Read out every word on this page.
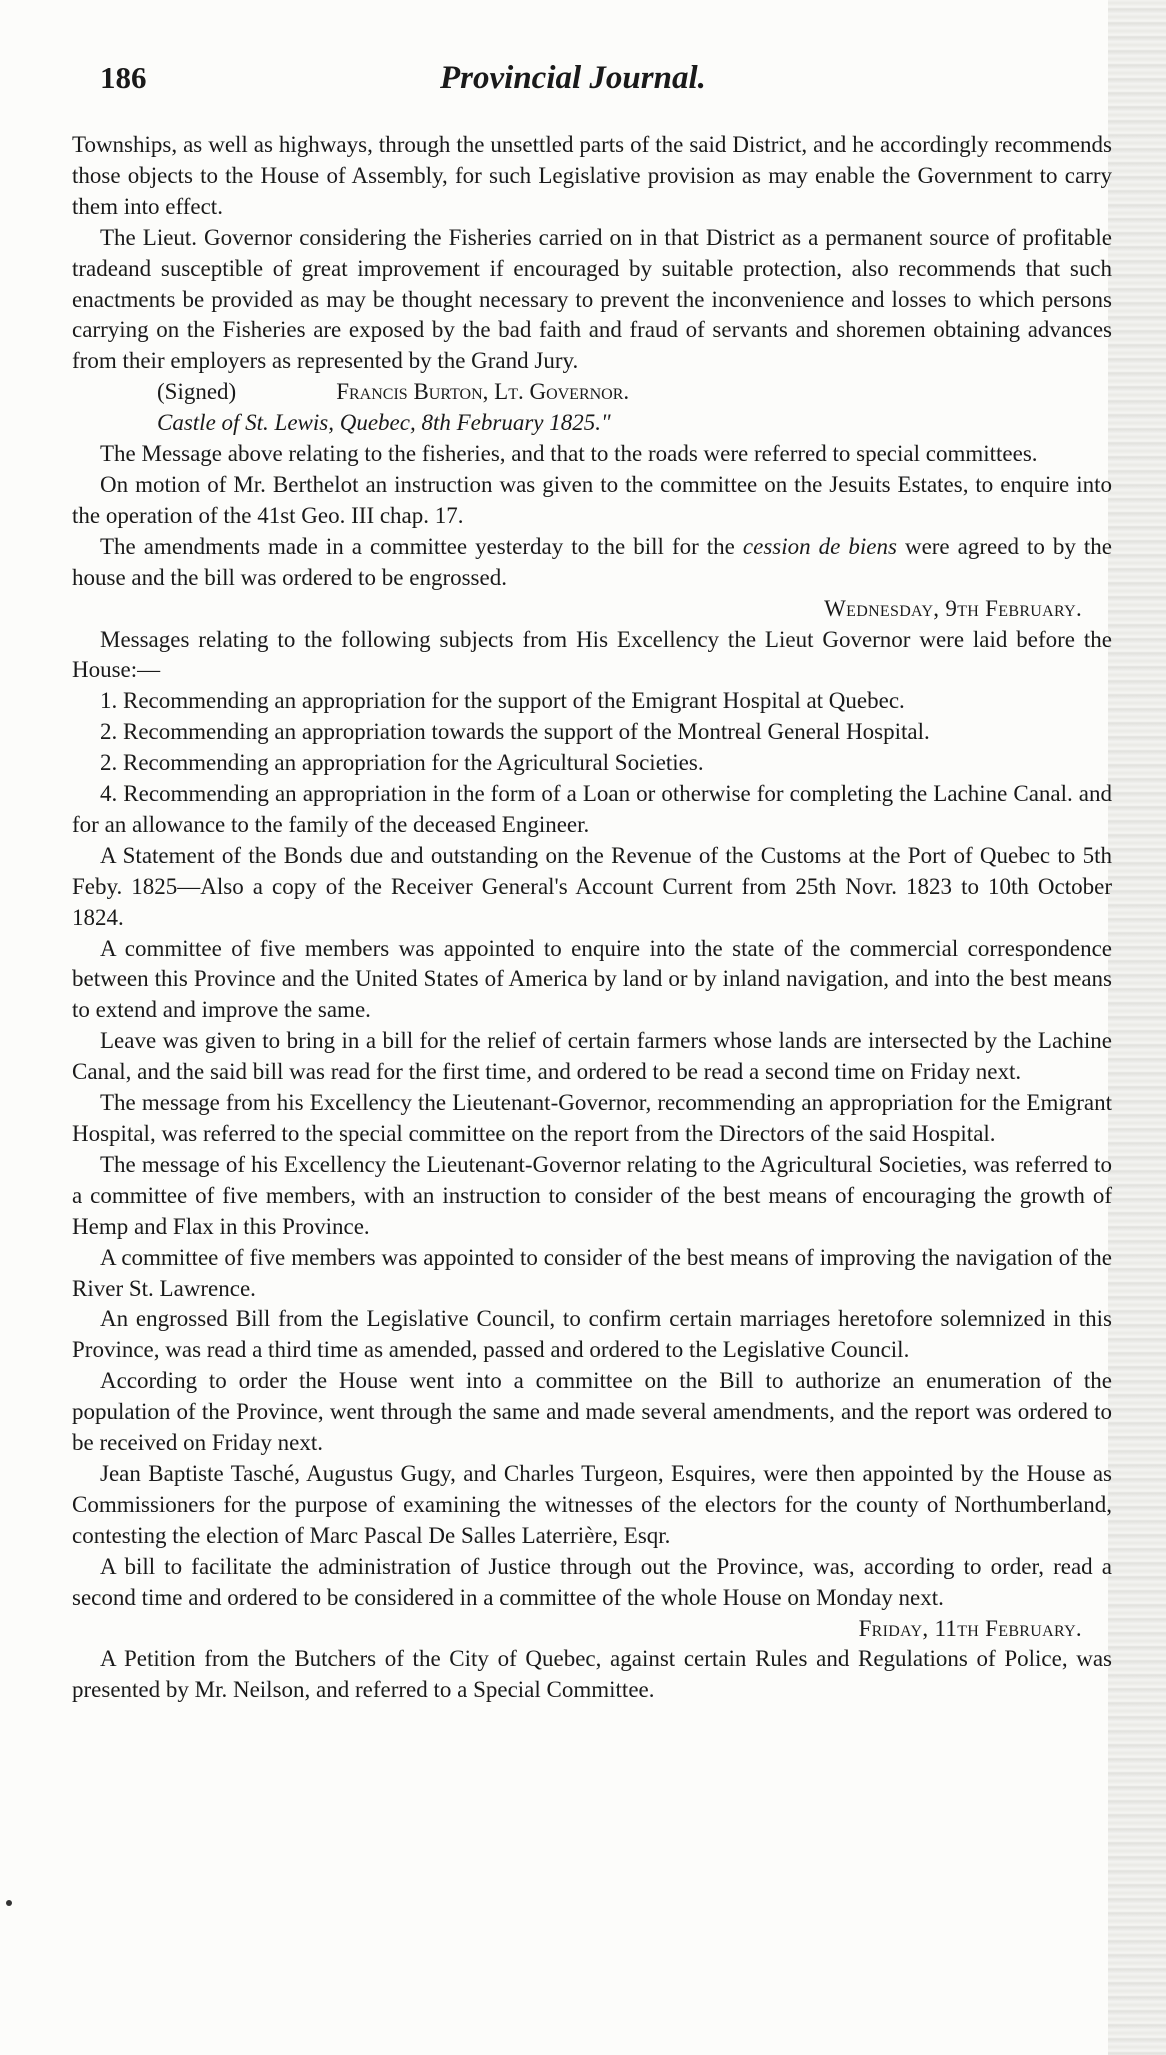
186	Provincial Journal.

Townships, as well as highways, through the unsettled parts of the said District, and he accordingly recommends those objects to the House of Assembly, for such Legislative provision as may enable the Government to carry them into effect.

The Lieut. Governor considering the Fisheries carried on in that District as a permanent source of profitable tradeand susceptible of great improvement if encouraged by suitable protection, also recommends that such enactments be provided as may be thought necessary to prevent the inconvenience and losses to which persons carrying on the Fisheries are exposed by the bad faith and fraud of servants and shoremen obtaining advances from their employers as represented by the Grand Jury.

(Signed)	Francis Burton, Lt. Governor.

Castle of St. Lewis, Quebec, 8th February 1825."

The Message above relating to the fisheries, and that to the roads were referred to special committees.

On motion of Mr. Berthelot an instruction was given to the committee on the Jesuits Estates, to enquire into the operation of the 41st Geo. III chap. 17.

The amendments made in a committee yesterday to the bill for the cession de biens were agreed to by the house and the bill was ordered to be engrossed.

Wednesday, 9th February.

Messages relating to the following subjects from His Excellency the Lieut Governor were laid before the House:—

1. Recommending an appropriation for the support of the Emigrant Hospital at Quebec.

2. Recommending an appropriation towards the support of the Montreal General Hospital.

2. Recommending an appropriation for the Agricultural Societies.

4. Recommending an appropriation in the form of a Loan or otherwise for completing the Lachine Canal. and for an allowance to the family of the deceased Engineer.

A Statement of the Bonds due and outstanding on the Revenue of the Customs at the Port of Quebec to 5th Feby. 1825—Also a copy of the Receiver General's Account Current from 25th Novr. 1823 to 10th October 1824.

A committee of five members was appointed to enquire into the state of the commercial correspondence between this Province and the United States of America by land or by inland navigation, and into the best means to extend and improve the same.

Leave was given to bring in a bill for the relief of certain farmers whose lands are intersected by the Lachine Canal, and the said bill was read for the first time, and ordered to be read a second time on Friday next.

The message from his Excellency the Lieutenant-Governor, recommending an appropriation for the Emigrant Hospital, was referred to the special committee on the report from the Directors of the said Hospital.

The message of his Excellency the Lieutenant-Governor relating to the Agricultural Societies, was referred to a committee of five members, with an instruction to consider of the best means of encouraging the growth of Hemp and Flax in this Province.

A committee of five members was appointed to consider of the best means of improving the navigation of the River St. Lawrence.

An engrossed Bill from the Legislative Council, to confirm certain marriages heretofore solemnized in this Province, was read a third time as amended, passed and ordered to the Legislative Council.

According to order the House went into a committee on the Bill to authorize an enumeration of the population of the Province, went through the same and made several amendments, and the report was ordered to be received on Friday next.

Jean Baptiste Tasché, Augustus Gugy, and Charles Turgeon, Esquires, were then appointed by the House as Commissioners for the purpose of examining the witnesses of the electors for the county of Northumberland, contesting the election of Marc Pascal De Salles Laterrière, Esqr.

A bill to facilitate the administration of Justice through out the Province, was, according to order, read a second time and ordered to be considered in a committee of the whole House on Monday next.

Friday, 11th February.

A Petition from the Butchers of the City of Quebec, against certain Rules and Regulations of Police, was presented by Mr. Neilson, and referred to a Special Committee.
